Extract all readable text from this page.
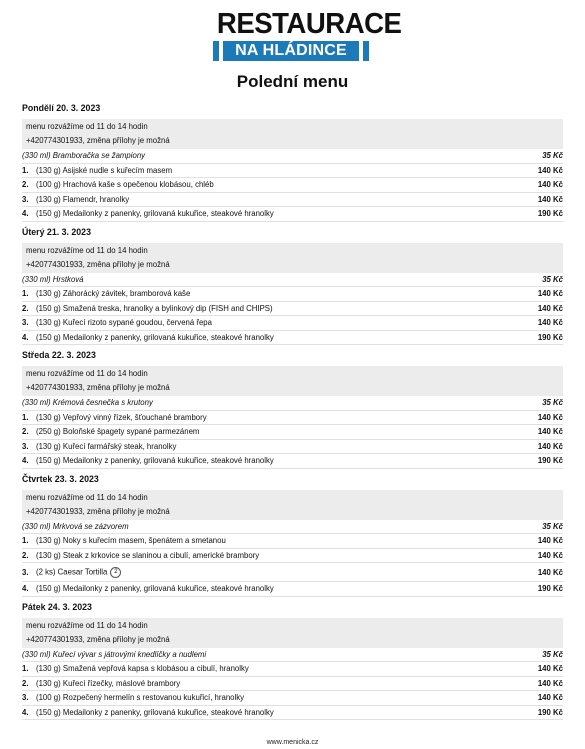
RESTAURACE
NA HLÁDINCE
Polední menu
Pondělí 20. 3. 2023
menu rozvážíme od 11 do 14 hodin
+420774301933, změna přílohy je možná
(330 ml) Bramboračka se žampiony	35 Kč
1. (130 g) Asijské nudle s kuřecím masem	140 Kč
2. (100 g) Hrachová kaše s opečenou klobásou, chléb	140 Kč
3. (130 g) Flamendr, hranolky	140 Kč
4. (150 g) Medailonky z panenky, grilovaná kukuřice, steakové hranolky	190 Kč
Úterý 21. 3. 2023
menu rozvážíme od 11 do 14 hodin
+420774301933, změna přílohy je možná
(330 ml) Hrstková	35 Kč
1. (130 g) Záhorácký závitek, bramborová kaše	140 Kč
2. (150 g) Smažená treska, hranolky a bylinkový dip (FISH and CHIPS)	140 Kč
3. (130 g) Kuřecí rizoto sypané goudou, červená řepa	140 Kč
4. (150 g) Medailonky z panenky, grilovaná kukuřice, steakové hranolky	190 Kč
Středa 22. 3. 2023
menu rozvážíme od 11 do 14 hodin
+420774301933, změna přílohy je možná
(330 ml) Krémová česnečka s krutony	35 Kč
1. (130 g) Vepřový vinný řízek, šťouchané brambory	140 Kč
2. (250 g) Boloňské špagety sypané parmezánem	140 Kč
3. (130 g) Kuřecí farmářský steak, hranolky	140 Kč
4. (150 g) Medailonky z panenky, grilovaná kukuřice, steakové hranolky	190 Kč
Čtvrtek 23. 3. 2023
menu rozvážíme od 11 do 14 hodin
+420774301933, změna přílohy je možná
(330 ml) Mrkvová se zázvorem	35 Kč
1. (130 g) Noky s kuřecím masem, špenátem a smetanou	140 Kč
2. (130 g) Steak z krkovice se slaninou a cibulí, americké brambory	140 Kč
3. (2 ks) Caesar Tortilla 2	140 Kč
4. (150 g) Medailonky z panenky, grilovaná kukuřice, steakové hranolky	190 Kč
Pátek 24. 3. 2023
menu rozvážíme od 11 do 14 hodin
+420774301933, změna přílohy je možná
(330 ml) Kuřecí vývar s játrovými knedlíčky a nudlemi	35 Kč
1. (130 g) Smažená vepřová kapsa s klobásou a cibulí, hranolky	140 Kč
2. (130 g) Kuřecí řízečky, máslové brambory	140 Kč
3. (100 g) Rozpečený hermelín s restovanou kukuřicí, hranolky	140 Kč
4. (150 g) Medailonky z panenky, grilovaná kukuřice, steakové hranolky	190 Kč
www.menicka.cz
